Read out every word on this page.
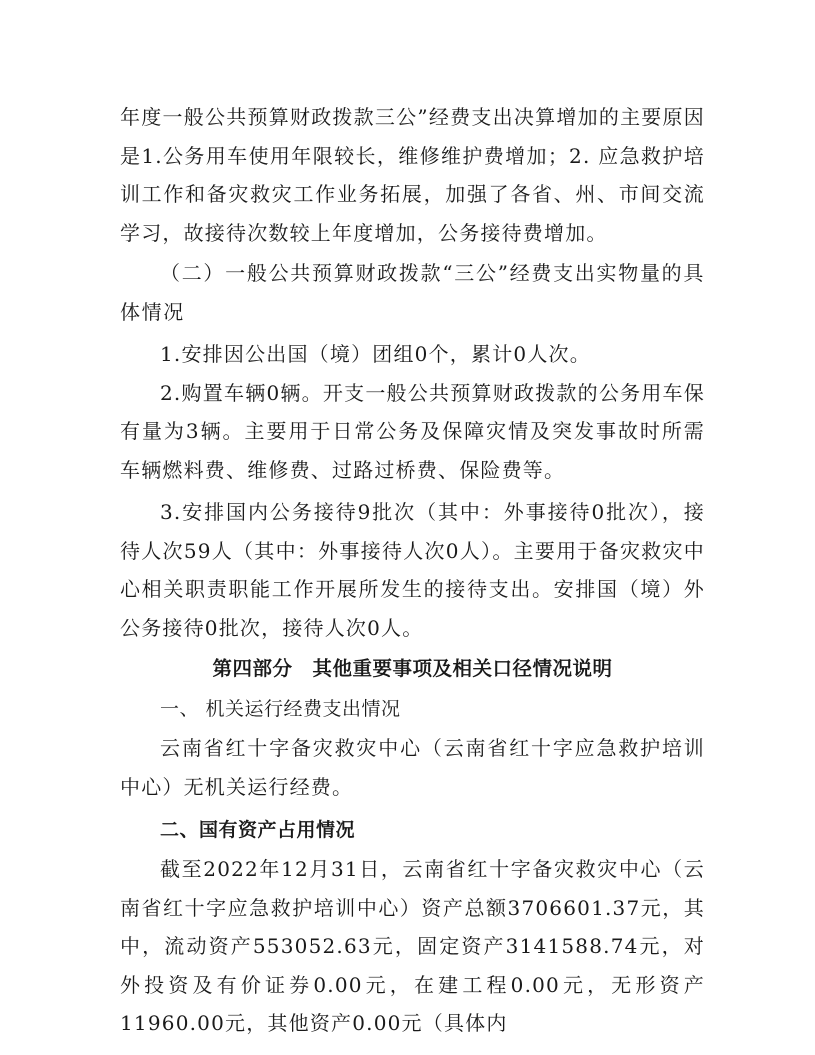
年度一般公共预算财政拨款三公”经费支出决算增加的主要原因是1.公务用车使用年限较长，维修维护费增加；2. 应急救护培训工作和备灾救灾工作业务拓展，加强了各省、州、市间交流学习，故接待次数较上年度增加，公务接待费增加。

（二）一般公共预算财政拨款“三公”经费支出实物量的具体情况

1.安排因公出国（境）团组0个，累计0人次。

2.购置车辆0辆。开支一般公共预算财政拨款的公务用车保有量为3辆。主要用于日常公务及保障灾情及突发事故时所需车辆燃料费、维修费、过路过桥费、保险费等。

3.安排国内公务接待9批次（其中：外事接待0批次），接待人次59人（其中：外事接待人次0人）。主要用于备灾救灾中心相关职责职能工作开展所发生的接待支出。安排国（境）外公务接待0批次，接待人次0人。

第四部分　其他重要事项及相关口径情况说明
一、 机关运行经费支出情况

云南省红十字备灾救灾中心（云南省红十字应急救护培训中心）无机关运行经费。

二、国有资产占用情况

截至2022年12月31日，云南省红十字备灾救灾中心（云南省红十字应急救护培训中心）资产总额3706601.37元，其中，流动资产553052.63元，固定资产3141588.74元，对外投资及有价证券0.00元，在建工程0.00元，无形资产11960.00元，其他资产0.00元（具体内
